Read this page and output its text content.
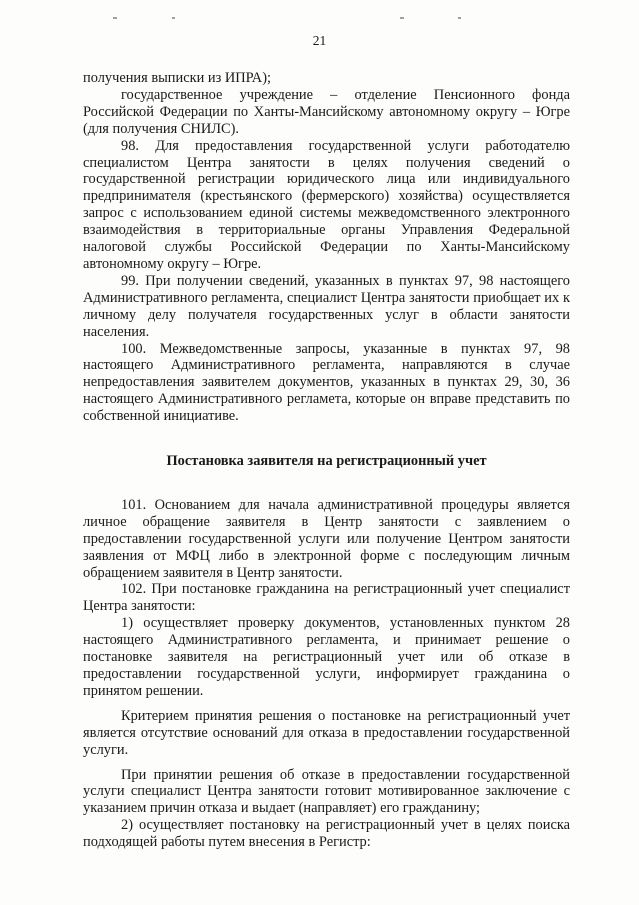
21

получения выписки из ИПРА);

государственное учреждение – отделение Пенсионного фонда Российской Федерации по Ханты-Мансийскому автономному округу – Югре (для получения СНИЛС).

98. Для предоставления государственной услуги работодателю специалистом Центра занятости в целях получения сведений о государственной регистрации юридического лица или индивидуального предпринимателя (крестьянского (фермерского) хозяйства) осуществляется запрос с использованием единой системы межведомственного электронного взаимодействия в территориальные органы Управления Федеральной налоговой службы Российской Федерации по Ханты-Мансийскому автономному округу – Югре.

99. При получении сведений, указанных в пунктах 97, 98 настоящего Административного регламента, специалист Центра занятости приобщает их к личному делу получателя государственных услуг в области занятости населения.

100. Межведомственные запросы, указанные в пунктах 97, 98 настоящего Административного регламента, направляются в случае непредоставления заявителем документов, указанных в пунктах 29, 30, 36 настоящего Административного регламета, которые он вправе представить по собственной инициативе.

Постановка заявителя на регистрационный учет

101. Основанием для начала административной процедуры является личное обращение заявителя в Центр занятости с заявлением о предоставлении государственной услуги или получение Центром занятости заявления от МФЦ либо в электронной форме с последующим личным обращением заявителя в Центр занятости.

102. При постановке гражданина на регистрационный учет специалист Центра занятости:

1) осуществляет проверку документов, установленных пунктом 28 настоящего Административного регламента, и принимает решение о постановке заявителя на регистрационный учет или об отказе в предоставлении государственной услуги, информирует гражданина о принятом решении.

Критерием принятия решения о постановке на регистрационный учет является отсутствие оснований для отказа в предоставлении государственной услуги.

При принятии решения об отказе в предоставлении государственной услуги специалист Центра занятости готовит мотивированное заключение с указанием причин отказа и выдает (направляет) его гражданину;

2) осуществляет постановку на регистрационный учет в целях поиска подходящей работы путем внесения в Регистр:
